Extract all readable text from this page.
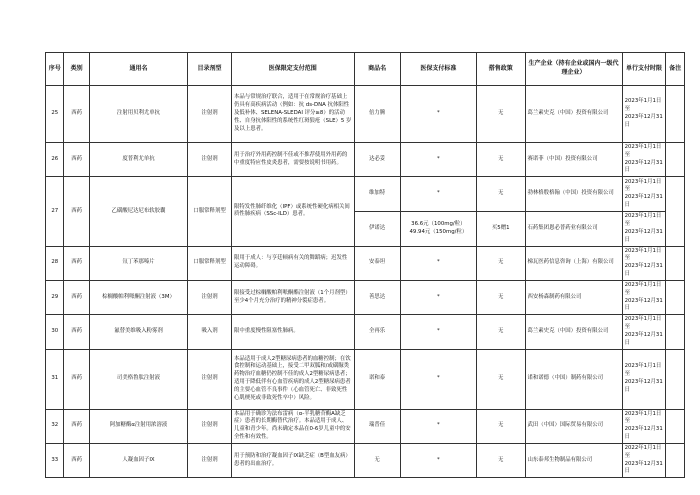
序号	类别	通用名	目录剂型	医保限定支付范围	商品名	医保支付标准	搭售政策	生产企业（持有企业或国内一级代理企业）	单行支付时限	备注
25	西药	注射用贝利尤单抗	注射剂	本品与常规治疗联合，适用于在常规治疗基础上仍具有高疾病活动（例如：抗 ds-DNA 抗体阳性及低补体、SELENA-SLEDAI 评分≥8）的活动性、自身抗体阳性的系统性红斑狼疮（SLE）5 岁及以上患者。	倍力腾	*	无	葛兰素史克（中国）投资有限公司	2023年1月1日至
2023年12月31日	
26	西药	度普利尤单抗	注射剂	用于治疗外用药控制不佳或不推荐使用外用药的中重度特应性皮炎患者，需要按说明书用药。	达必妥	*	无	赛诺菲（中国）投资有限公司	2023年1月1日至
2023年12月31日	
27	西药	乙磺酸尼达尼布软胶囊	口服常释剂型	限特发性肺纤维化（IPF）或系统性硬化病相关间质性肺疾病（SSc-ILD）患者。	维加特	*	无	勃林格殷格翰（中国）投资有限公司	2023年1月1日至
2023年12月31日	
					伊诺达	36.6元（100mg/粒）
49.94元（150mg/粒）	买5赠1	石药集团恩必普药业有限公司	2023年1月1日至
2023年12月31日	
28	西药	氘丁苯那嗪片	口服常释剂型	限用于成人：与亨廷顿病有关的舞蹈病；迟发性运动障碍。	安泰坦	*	无	梯瓦医药信息咨询（上海）有限公司	2023年1月1日至
2023年12月31日	
29	西药	棕榈酸帕利哌酮注射液（3M）	注射剂	限接受过棕榈酸帕利哌酮酯注射液（1个月剂型）至少4个月充分治疗的精神分裂症患者。	善思达	*	无	西安杨森制药有限公司	2023年1月1日至
2023年12月31日	
30	西药	氟替美维吸入粉雾剂	吸入剂	限中重度慢性阻塞性肺病。	全再乐	*	无	葛兰素史克（中国）投资有限公司	2023年1月1日至
2023年12月31日	
31	西药	司美格鲁肽注射液	注射剂	本品适用于成人2型糖尿病患者的血糖控制；在饮食控制和运动基础上，接受二甲双胍和/或磺脲类药物治疗血糖仍控制不佳的成人2型糖尿病患者；适用于降低伴有心血管疾病的成人2型糖尿病患者的主要心血管不良事件（心血管死亡、非致死性心肌梗死或非致死性卒中）风险。	诺和泰	*	无	诺和诺德（中国）制药有限公司	2023年1月1日至
2023年12月31日	
32	西药	阿加糖酶α注射用浓溶液	注射剂	本品用于确诊为法布雷病（α-半乳糖苷酶A缺乏症）患者的长期酶替代治疗。本品适用于成人、儿童和青少年。尚未确定本品在0-6岁儿童中的安全性和有效性。	瑞普佳	*	无	武田（中国）国际贸易有限公司	2023年1月1日至
2023年12月31日	
33	西药	人凝血因子IX	注射剂	用于预防和治疗凝血因子IX缺乏症（B型血友病）患者的出血治疗。	无	*	无	山东泰邦生物制品有限公司	2022年1月1日至
2023年12月31日	
